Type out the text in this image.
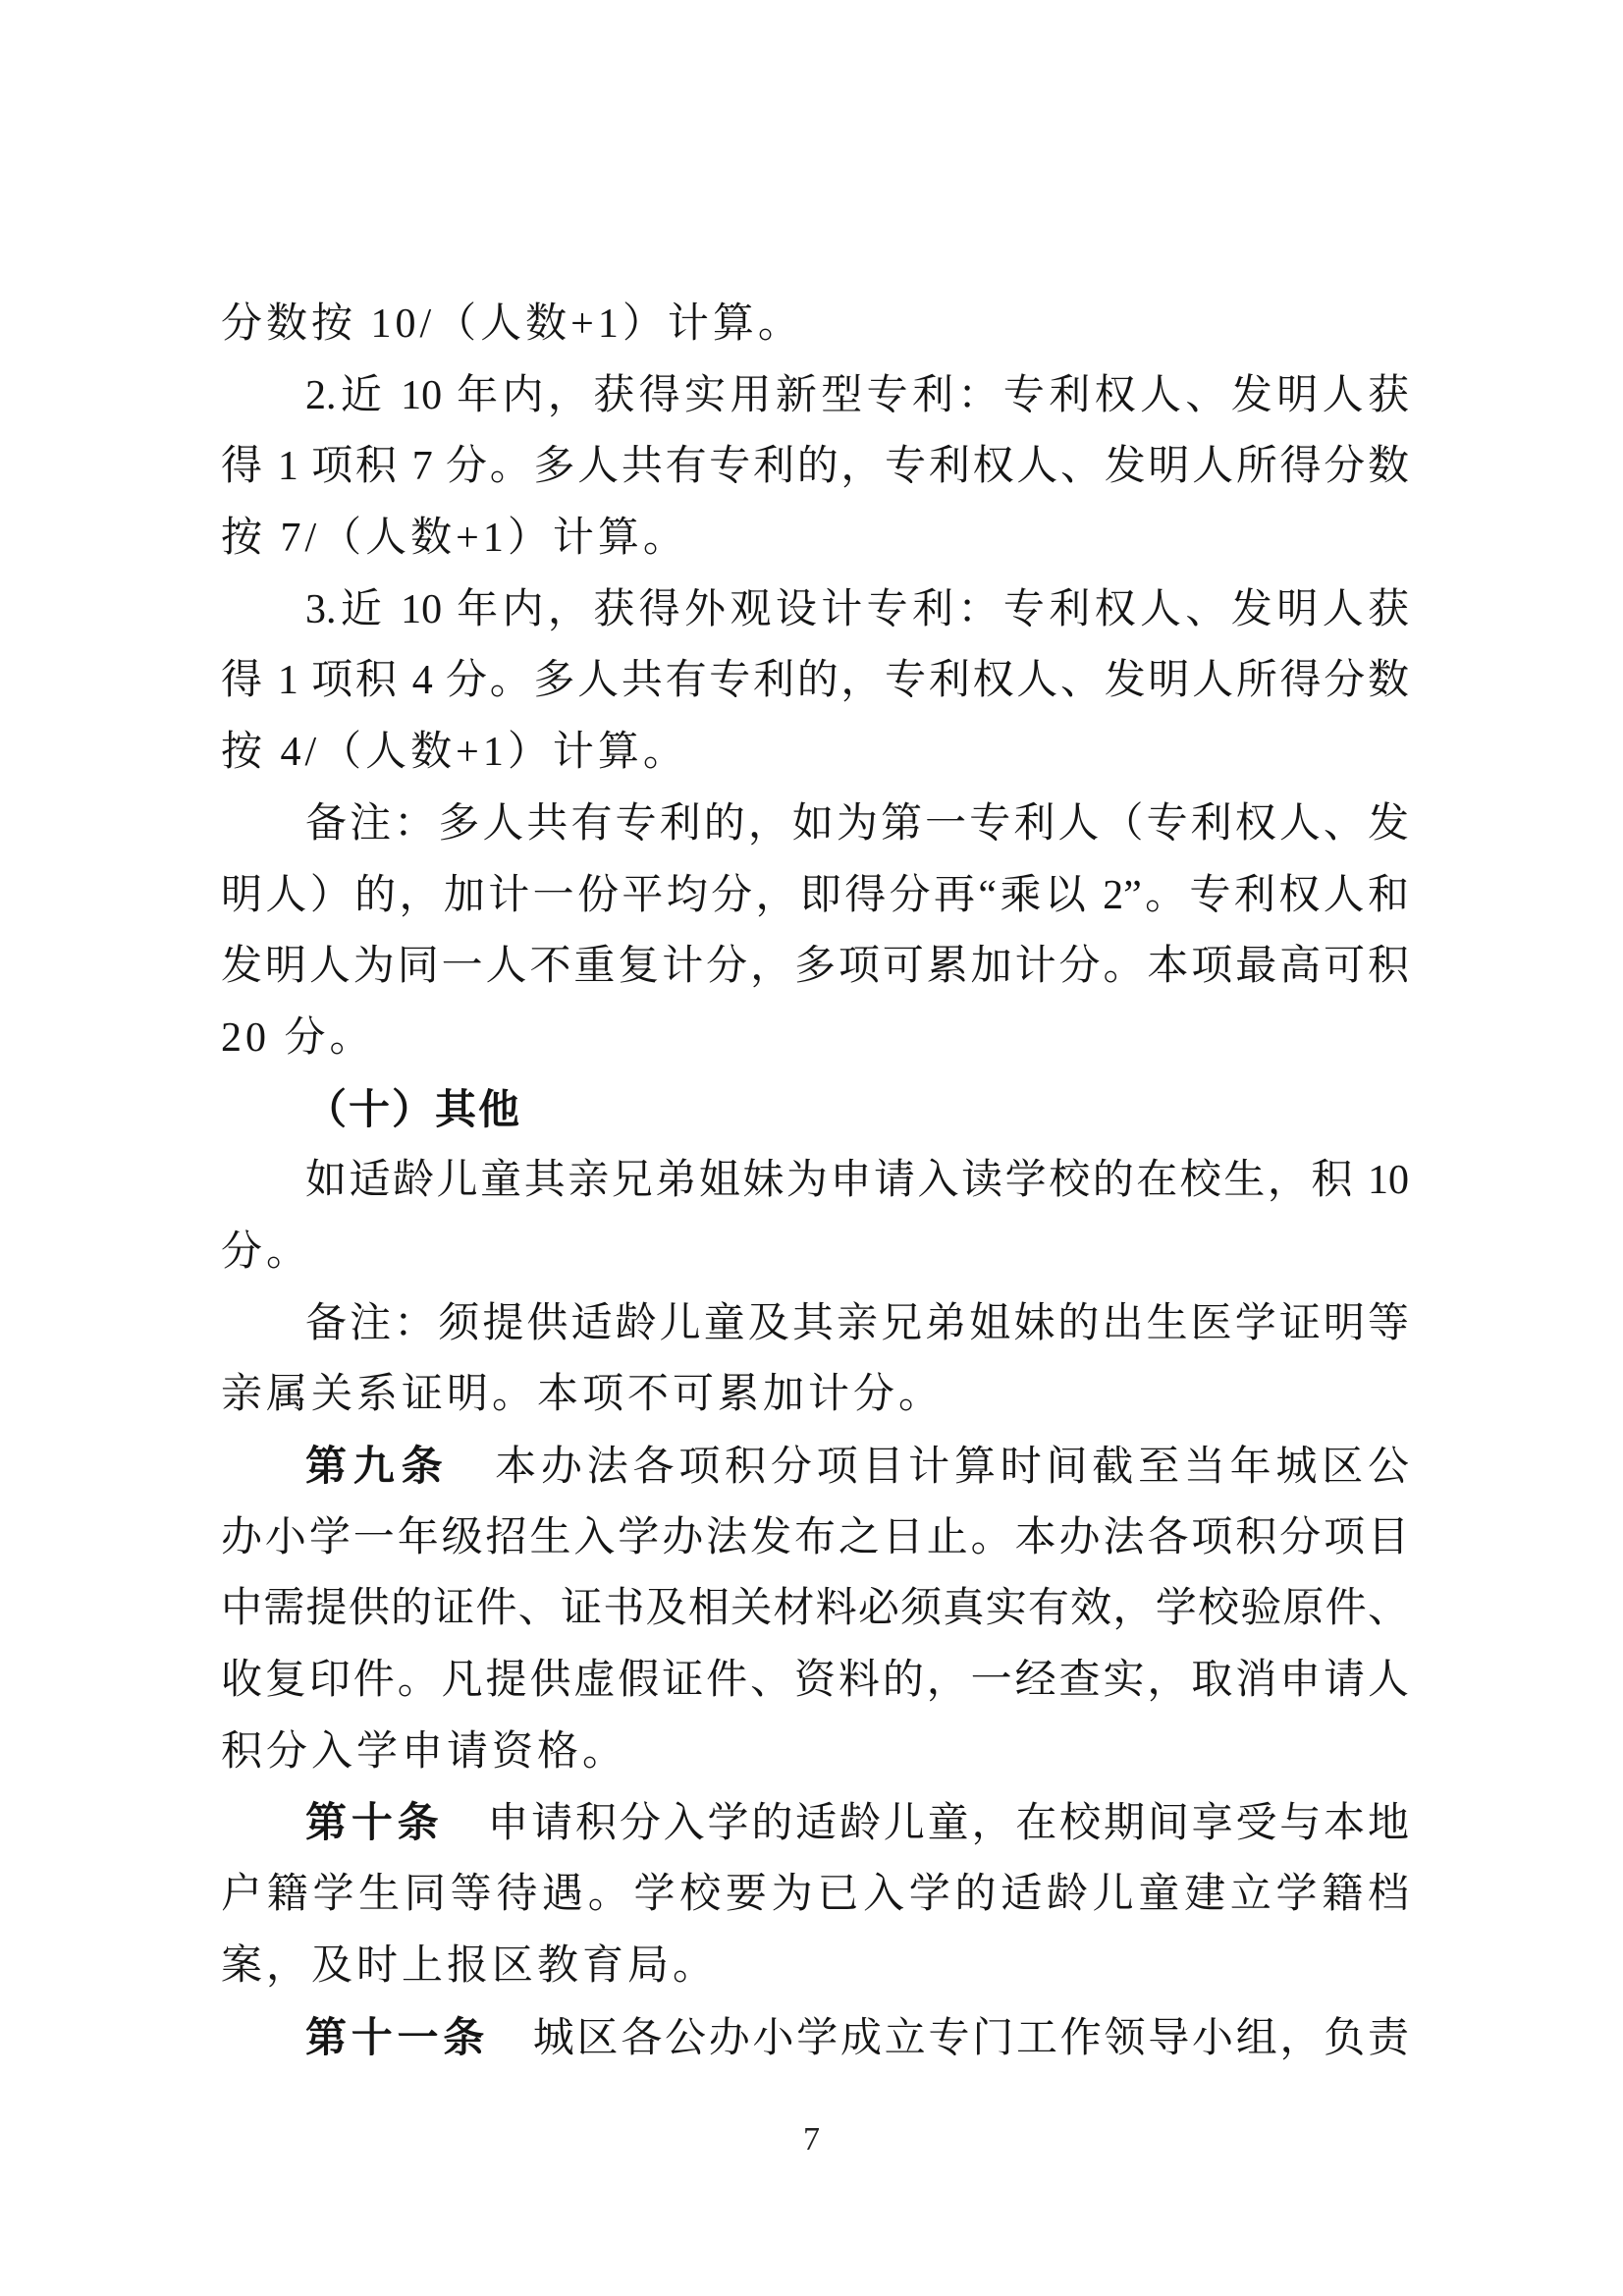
分数按 10/（人数+1）计算。
2.近 10 年内，获得实用新型专利：专利权人、发明人获
得 1 项积 7 分。多人共有专利的，专利权人、发明人所得分数
按 7/（人数+1）计算。
3.近 10 年内，获得外观设计专利：专利权人、发明人获
得 1 项积 4 分。多人共有专利的，专利权人、发明人所得分数
按 4/（人数+1）计算。
备注：多人共有专利的，如为第一专利人（专利权人、发
明人）的，加计一份平均分，即得分再“乘以 2”。专利权人和
发明人为同一人不重复计分，多项可累加计分。本项最高可积
20 分。
（十）其他
如适龄儿童其亲兄弟姐妹为申请入读学校的在校生，积 10
分。
备注：须提供适龄儿童及其亲兄弟姐妹的出生医学证明等
亲属关系证明。本项不可累加计分。
第九条　本办法各项积分项目计算时间截至当年城区公
办小学一年级招生入学办法发布之日止。本办法各项积分项目
中需提供的证件、证书及相关材料必须真实有效，学校验原件、
收复印件。凡提供虚假证件、资料的，一经查实，取消申请人
积分入学申请资格。
第十条　申请积分入学的适龄儿童，在校期间享受与本地
户籍学生同等待遇。学校要为已入学的适龄儿童建立学籍档
案，及时上报区教育局。
第十一条　城区各公办小学成立专门工作领导小组，负责
7
